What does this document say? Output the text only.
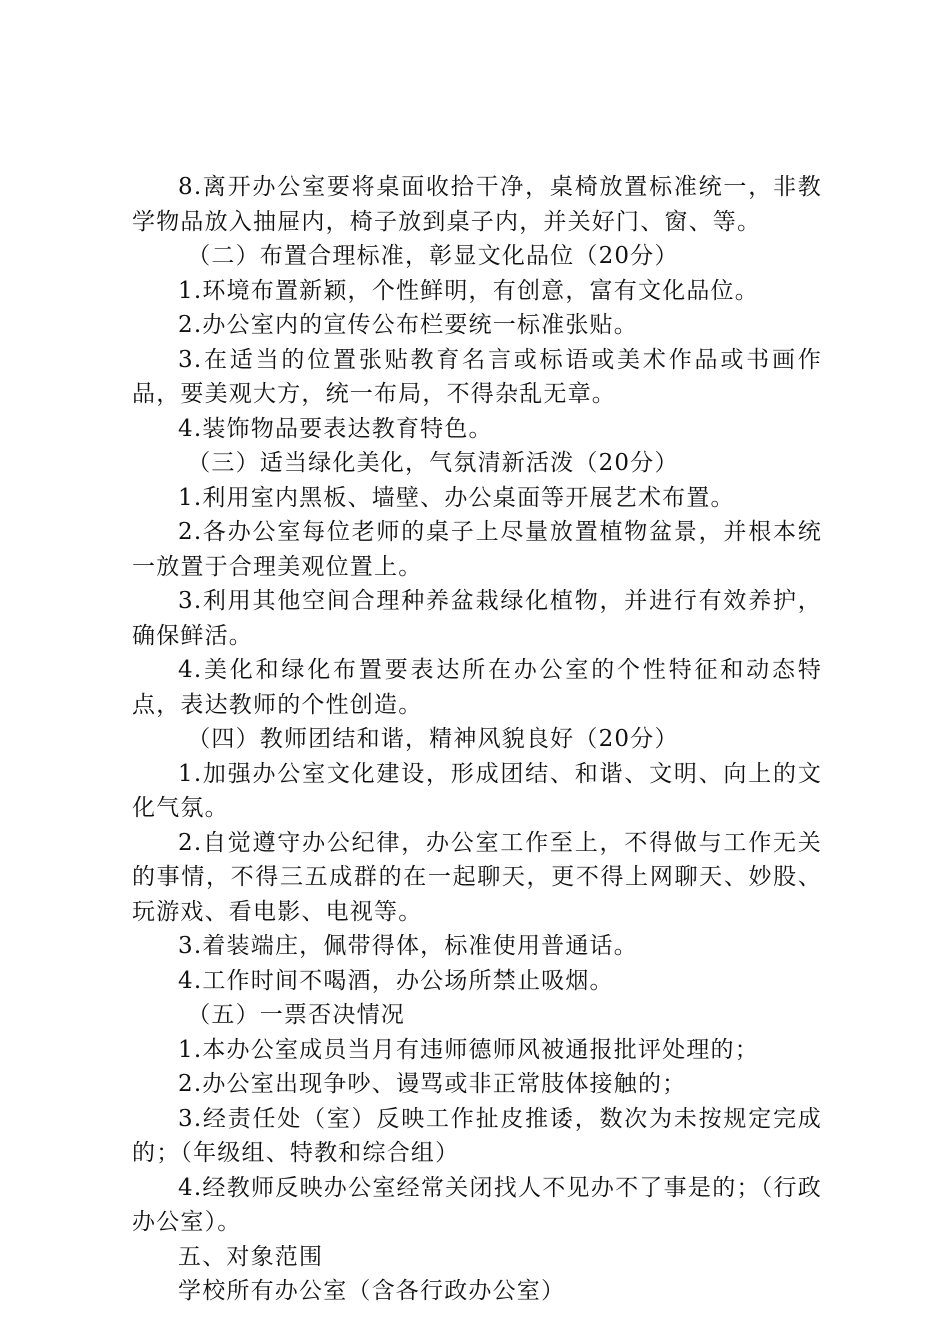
8.离开办公室要将桌面收拾干净，桌椅放置标准统一，非教学物品放入抽屉内，椅子放到桌子内，并关好门、窗、等。

（二）布置合理标准，彰显文化品位（20分）

1.环境布置新颖，个性鲜明，有创意，富有文化品位。

2.办公室内的宣传公布栏要统一标准张贴。

3.在适当的位置张贴教育名言或标语或美术作品或书画作品，要美观大方，统一布局，不得杂乱无章。

4.装饰物品要表达教育特色。

（三）适当绿化美化，气氛清新活泼（20分）

1.利用室内黑板、墙壁、办公桌面等开展艺术布置。

2.各办公室每位老师的桌子上尽量放置植物盆景，并根本统一放置于合理美观位置上。

3.利用其他空间合理种养盆栽绿化植物，并进行有效养护，确保鲜活。

4.美化和绿化布置要表达所在办公室的个性特征和动态特点，表达教师的个性创造。

（四）教师团结和谐，精神风貌良好（20分）

1.加强办公室文化建设，形成团结、和谐、文明、向上的文化气氛。

2.自觉遵守办公纪律，办公室工作至上，不得做与工作无关的事情，不得三五成群的在一起聊天，更不得上网聊天、妙股、玩游戏、看电影、电视等。

3.着装端庄，佩带得体，标准使用普通话。

4.工作时间不喝酒，办公场所禁止吸烟。

（五）一票否决情况

1.本办公室成员当月有违师德师风被通报批评处理的；

2.办公室出现争吵、谩骂或非正常肢体接触的；

3.经责任处（室）反映工作扯皮推诿，数次为未按规定完成的；（年级组、特教和综合组）

4.经教师反映办公室经常关闭找人不见办不了事是的；（行政办公室）。

五、对象范围

学校所有办公室（含各行政办公室）
